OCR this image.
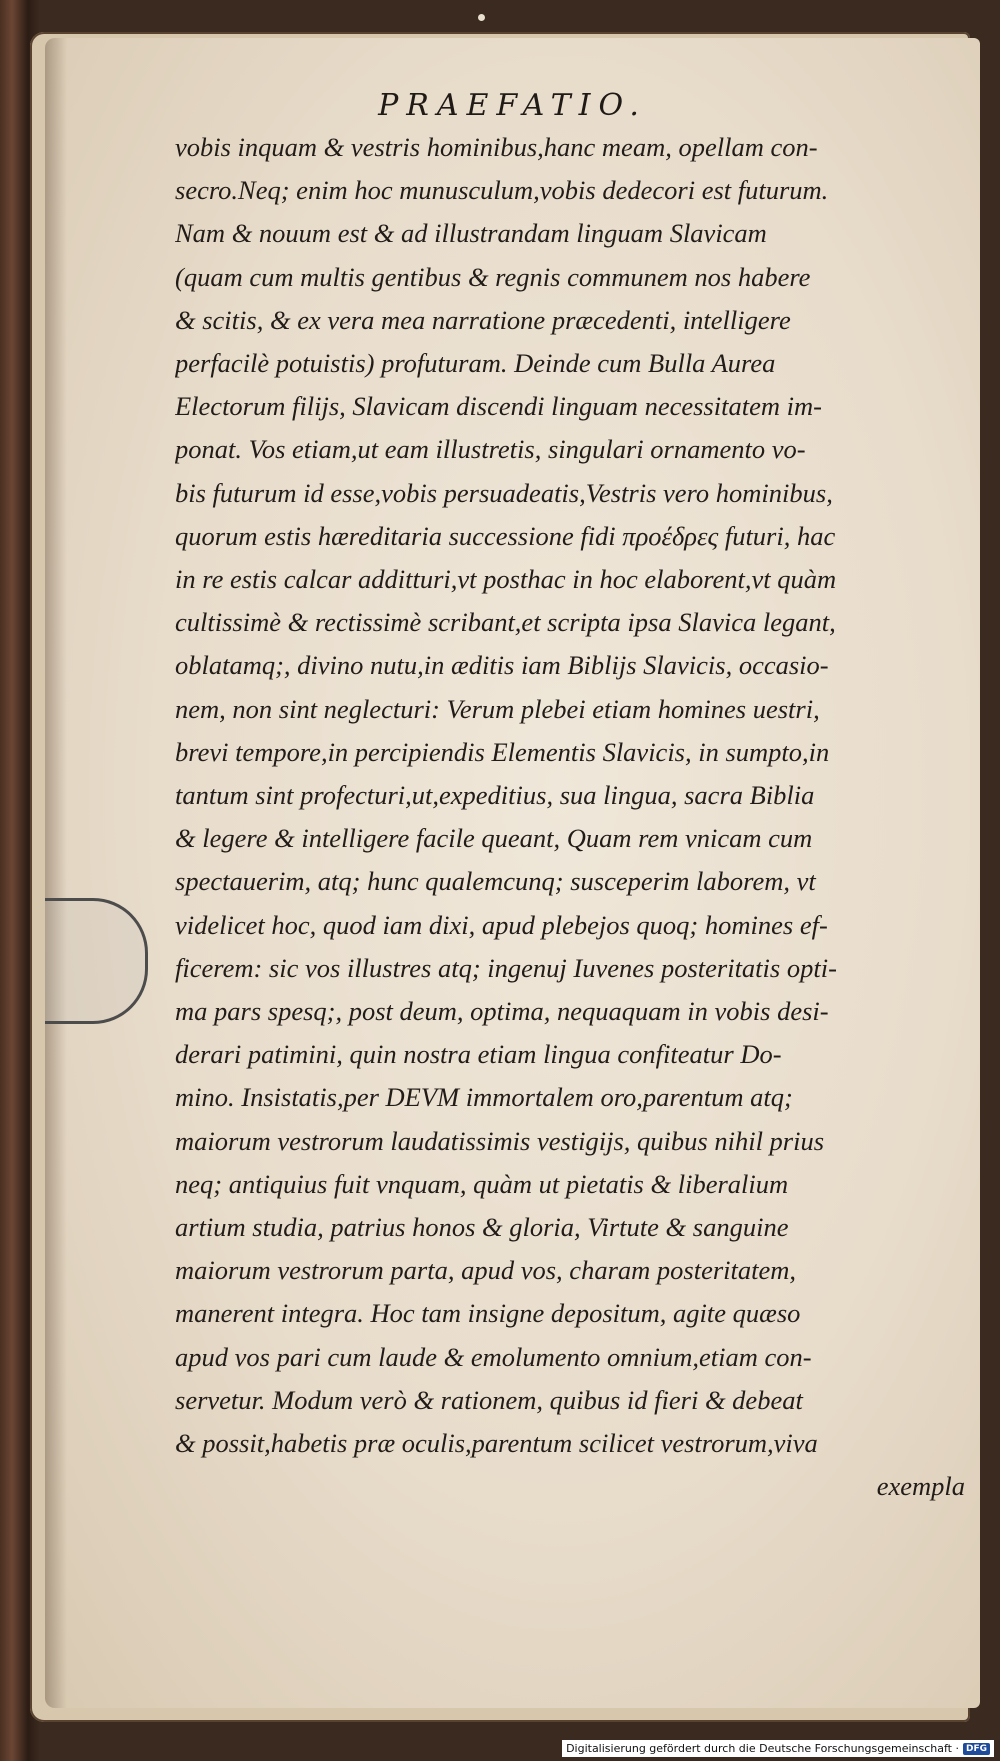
PRAEFATIO.
vobis inquam & vestris hominibus,hanc meam, opellam con-
secro.Neq; enim hoc munusculum,vobis dedecori est futurum.
Nam & nouum est & ad illustrandam linguam Slavicam
(quam cum multis gentibus & regnis communem nos habere
& scitis, & ex vera mea narratione præcedenti, intelligere
perfacilè potuistis) profuturam. Deinde cum Bulla Aurea
Electorum filijs, Slavicam discendi linguam necessitatem im-
ponat. Vos etiam,ut eam illustretis, singulari ornamento vo-
bis futurum id esse,vobis persuadeatis,Vestris vero hominibus,
quorum estis hæreditaria successione fidi προέδρες futuri, hac
in re estis calcar additturi,vt posthac in hoc elaborent,vt quàm
cultissimè & rectissimè scribant,et scripta ipsa Slavica legant,
oblatamq;, divino nutu,in æditis iam Biblijs Slavicis, occasio-
nem, non sint neglecturi: Verum plebei etiam homines uestri,
brevi tempore,in percipiendis Elementis Slavicis, in sumpto,in
tantum sint profecturi,ut,expeditius, sua lingua, sacra Biblia
& legere & intelligere facile queant, Quam rem vnicam cum
spectauerim, atq; hunc qualemcunq; susceperim laborem, vt
videlicet hoc, quod iam dixi, apud plebejos quoq; homines ef-
ficerem: sic vos illustres atq; ingenuj Iuvenes posteritatis opti-
ma pars spesq;, post deum, optima, nequaquam in vobis desi-
derari patimini, quin nostra etiam lingua confiteatur Do-
mino. Insistatis,per DEVM immortalem oro,parentum atq;
maiorum vestrorum laudatissimis vestigijs, quibus nihil prius
neq; antiquius fuit vnquam, quàm ut pietatis & liberalium
artium studia, patrius honos & gloria, Virtute & sanguine
maiorum vestrorum parta, apud vos, charam posteritatem,
manerent integra. Hoc tam insigne depositum, agite quæso
apud vos pari cum laude & emolumento omnium,etiam con-
servetur. Modum verò & rationem, quibus id fieri & debeat
& possit,habetis præ oculis,parentum scilicet vestrorum,viva
exempla
Digitalisierung gefördert durch die Deutsche Forschungsgemeinschaft · DFG
